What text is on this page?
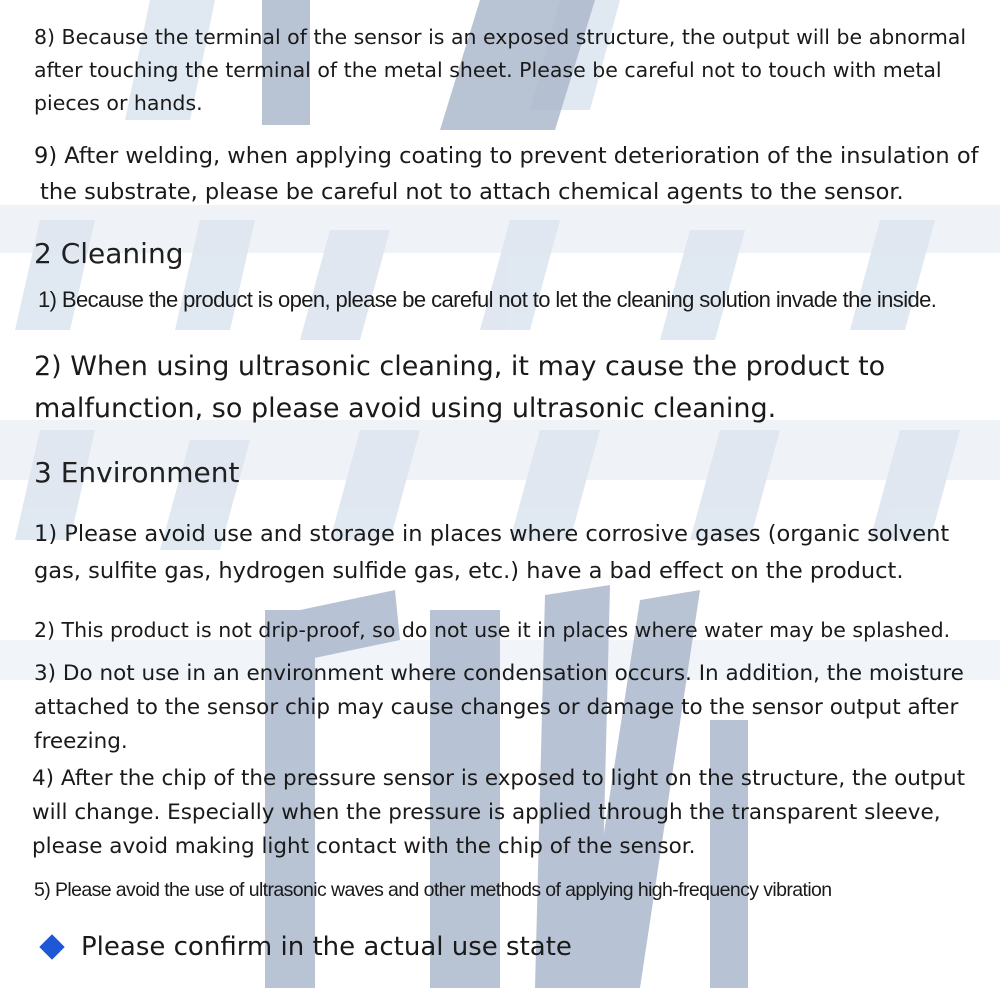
8) Because the terminal of the sensor is an exposed structure, the output will be abnormal
after touching the terminal of the metal sheet. Please be careful not to touch with metal
pieces or hands.
9) After welding, when applying coating to prevent deterioration of the insulation of
the substrate, please be careful not to attach chemical agents to the sensor.
2 Cleaning
1) Because the product is open, please be careful not to let the cleaning solution invade the inside.
2) When using ultrasonic cleaning, it may cause the product to
malfunction, so please avoid using ultrasonic cleaning.
3 Environment
1) Please avoid use and storage in places where corrosive gases (organic solvent
gas, sulfite gas, hydrogen sulfide gas, etc.) have a bad effect on the product.
2) This product is not drip-proof, so do not use it in places where water may be splashed.
3) Do not use in an environment where condensation occurs. In addition, the moisture
attached to the sensor chip may cause changes or damage to the sensor output after
freezing.
4) After the chip of the pressure sensor is exposed to light on the structure, the output
will change. Especially when the pressure is applied through the transparent sleeve,
please avoid making light contact with the chip of the sensor.
5) Please avoid the use of ultrasonic waves and other methods of applying high-frequency vibration
Please confirm in the actual use state
